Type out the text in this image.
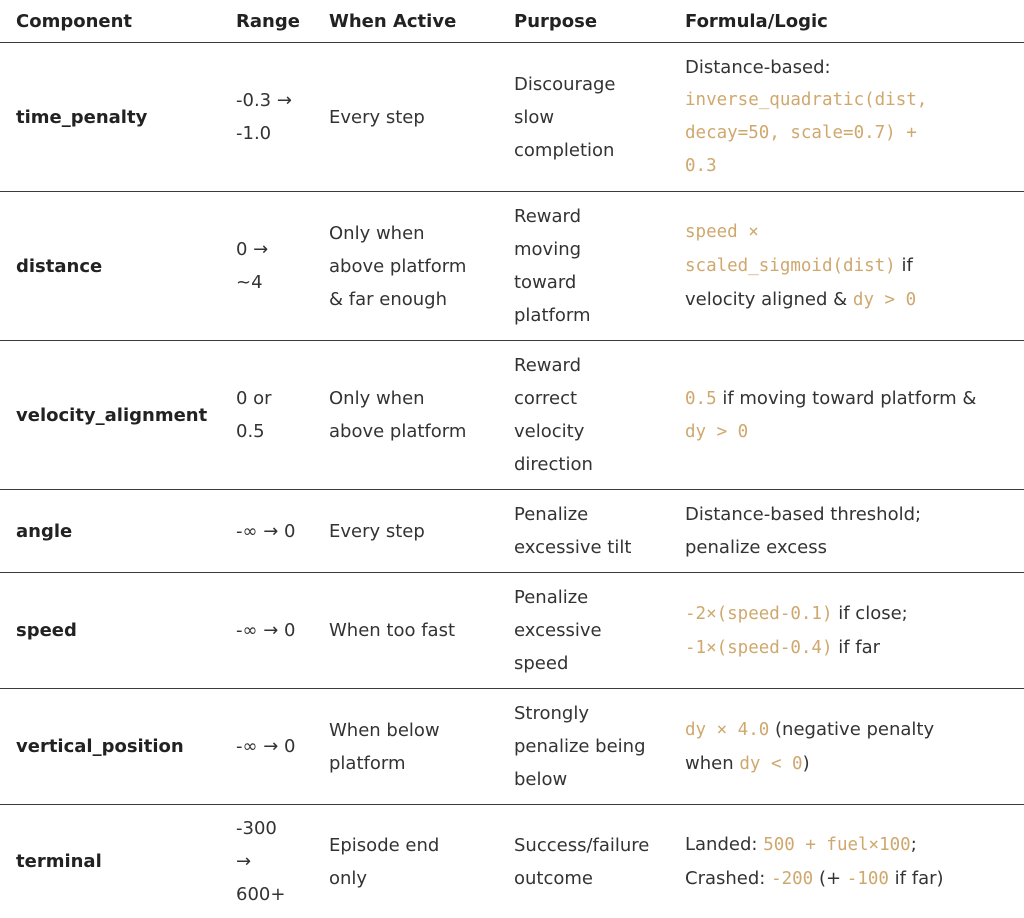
Component	Range	When Active	Purpose	Formula/Logic
time_penalty	-0.3 →
-1.0	Every step	Discourage
slow
completion	Distance-based:
inverse_quadratic(dist,
decay=50, scale=0.7) +
0.3

distance	0 →
~4	Only when
above platform
& far enough	Reward
moving
toward
platform	speed ×
scaled_sigmoid(dist) if
velocity aligned & dy > 0

velocity_alignment	0 or
0.5	Only when
above platform	Reward
correct
velocity
direction	0.5 if moving toward platform &
dy > 0

angle	-∞ → 0	Every step	Penalize
excessive tilt	Distance-based threshold;
penalize excess

speed	-∞ → 0	When too fast	Penalize
excessive
speed	-2×(speed-0.1) if close;
-1×(speed-0.4) if far

vertical_position	-∞ → 0	When below
platform	Strongly
penalize being
below	dy × 4.0 (negative penalty
when dy < 0)

terminal	-300
→
600+	Episode end
only	Success/failure
outcome	Landed: 500 + fuel×100;
Crashed: -200 (+ -100 if far)
